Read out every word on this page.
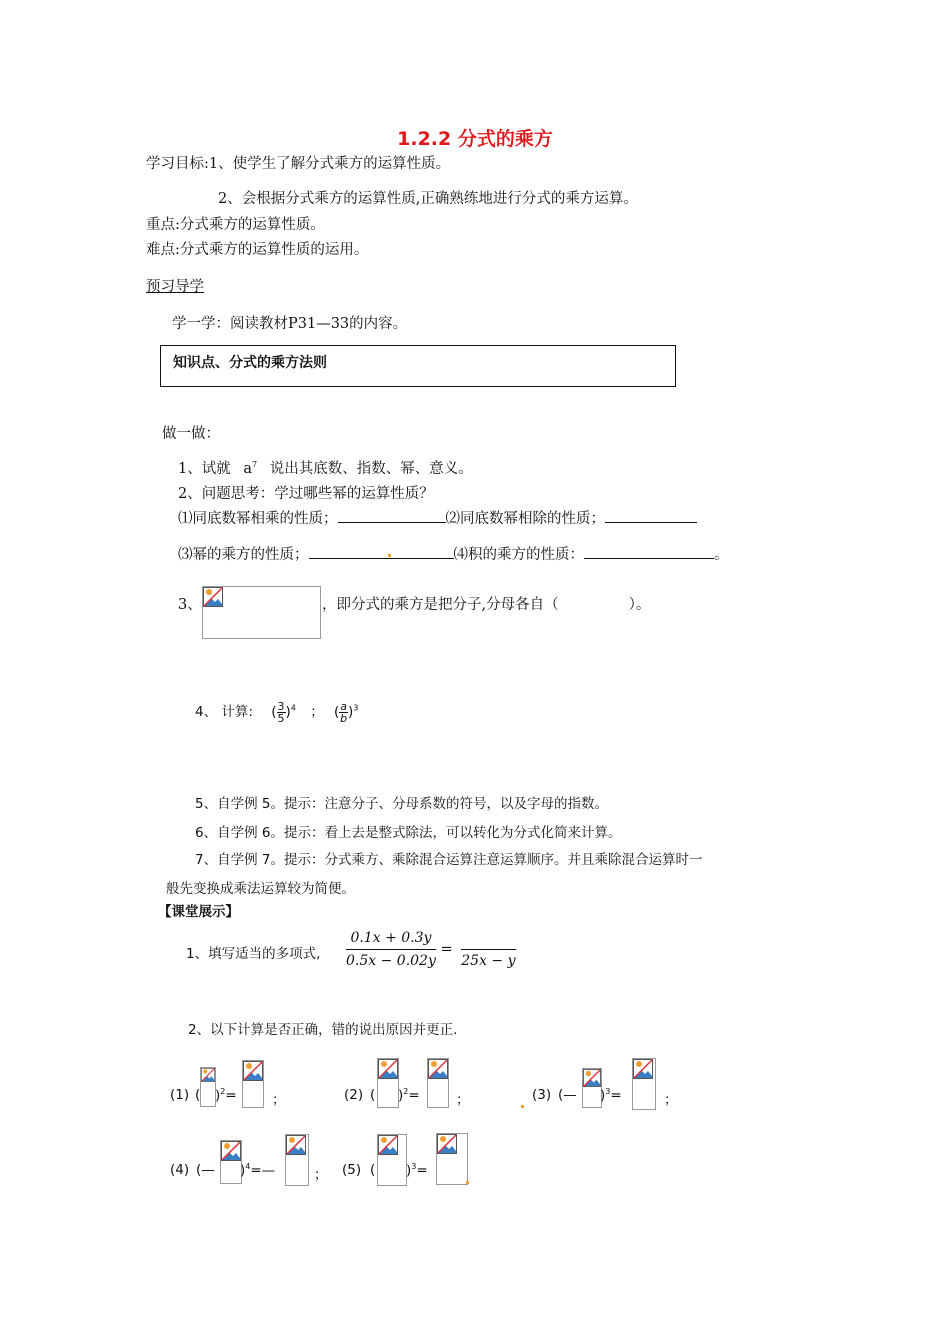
1.2.2 分式的乘方
学习目标:1、使学生了解分式乘方的运算性质。
2、会根据分式乘方的运算性质,正确熟练地进行分式的乘方运算。
重点:分式乘方的运算性质。
难点:分式乘方的运算性质的运用。
预习导学
学一学：阅读教材P31—33的内容。
知识点、分式的乘方法则
做一做：
1、试就 $a^7$ 说出其底数、指数、幂、意义。
2、问题思考：学过哪些幂的运算性质？
⑴同底数幂相乘的性质；	⑵同底数幂相除的性质；
⑶幂的乘方的性质；	⑷积的乘方的性质：	。
3、	，即分式的乘方是把分子,分母各自（	）。
4、 计算: ( $\frac{3}{5} )^4$ ； ( $\frac{a}{b} )^3$
5、自学例 5。提示：注意分子、分母系数的符号，以及字母的指数。
6、自学例 6。提示：看上去是整式除法，可以转化为分式化简来计算。
7、自学例 7。提示：分式乘方、乘除混合运算注意运算顺序。并且乘除混合运算时一
般先变换成乘法运算较为简便。
【课堂展示】
1、填写适当的多项式, $\frac{0.1x + 0.3y}{0.5x - 0.02y}$ =

25x − y
2、以下计算是否正确，错的说出原因并更正.
(1) ( )$^2$=	；	(2) ( )$^2$=	；	(3) (— )$^3$=	；
(4) (— )$^4$=—	； (5) ( )$^3$=
